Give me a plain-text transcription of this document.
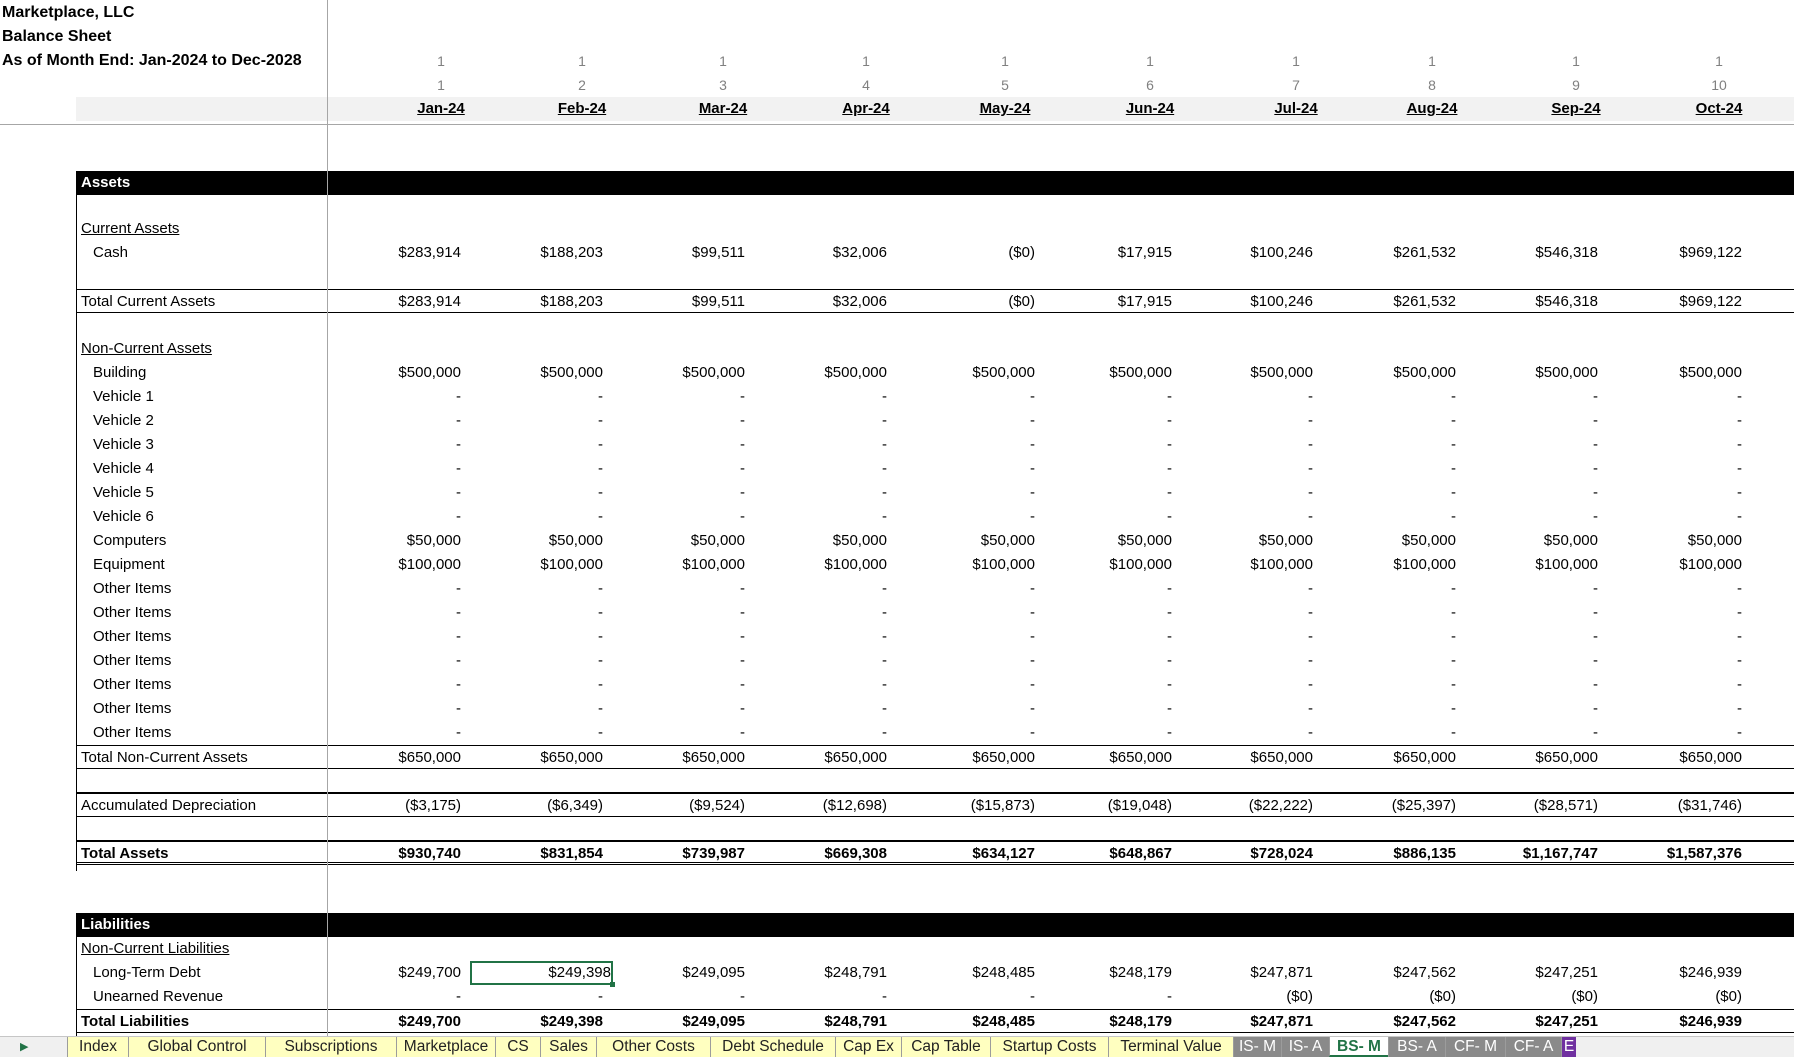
Marketplace, LLC
Balance Sheet
As of Month End: Jan-2024 to Dec-2028	1	1	1	1	1	1	1	1	1	1
1	2	3	4	5	6	7	8	9	10
Jan-24	Feb-24	Mar-24	Apr-24	May-24	Jun-24	Jul-24	Aug-24	Sep-24	Oct-24
Assets
Current Assets
Cash	$283,914	$188,203	$99,511	$32,006	($0)	$17,915	$100,246	$261,532	$546,318	$969,122
Total Current Assets	$283,914	$188,203	$99,511	$32,006	($0)	$17,915	$100,246	$261,532	$546,318	$969,122
Non-Current Assets
Building	$500,000	$500,000	$500,000	$500,000	$500,000	$500,000	$500,000	$500,000	$500,000	$500,000
Vehicle 1	-	-	-	-	-	-	-	-	-	-
Vehicle 2	-	-	-	-	-	-	-	-	-	-
Vehicle 3	-	-	-	-	-	-	-	-	-	-
Vehicle 4	-	-	-	-	-	-	-	-	-	-
Vehicle 5	-	-	-	-	-	-	-	-	-	-
Vehicle 6	-	-	-	-	-	-	-	-	-	-
Computers	$50,000	$50,000	$50,000	$50,000	$50,000	$50,000	$50,000	$50,000	$50,000	$50,000
Equipment	$100,000	$100,000	$100,000	$100,000	$100,000	$100,000	$100,000	$100,000	$100,000	$100,000
Other Items	-	-	-	-	-	-	-	-	-	-
Other Items	-	-	-	-	-	-	-	-	-	-
Other Items	-	-	-	-	-	-	-	-	-	-
Other Items	-	-	-	-	-	-	-	-	-	-
Other Items	-	-	-	-	-	-	-	-	-	-
Other Items	-	-	-	-	-	-	-	-	-	-
Other Items	-	-	-	-	-	-	-	-	-	-
Total Non-Current Assets	$650,000	$650,000	$650,000	$650,000	$650,000	$650,000	$650,000	$650,000	$650,000	$650,000
Accumulated Depreciation	($3,175)	($6,349)	($9,524)	($12,698)	($15,873)	($19,048)	($22,222)	($25,397)	($28,571)	($31,746)
Total Assets	$930,740	$831,854	$739,987	$669,308	$634,127	$648,867	$728,024	$886,135	$1,167,747	$1,587,376
Liabilities
Non-Current Liabilities
Long-Term Debt	$249,700	$249,398	$249,095	$248,791	$248,485	$248,179	$247,871	$247,562	$247,251	$246,939
Unearned Revenue	-	-	-	-	-	-	($0)	($0)	($0)	($0)
Total Liabilities	$249,700	$249,398	$249,095	$248,791	$248,485	$248,179	$247,871	$247,562	$247,251	$246,939
▶	Index	Global Control	Subscriptions	Marketplace	CS	Sales	Other Costs	Debt Schedule	Cap Ex	Cap Table	Startup Costs	Terminal Value	IS- M IS- A BS- M	BS- A	CF- M	CF- A E
